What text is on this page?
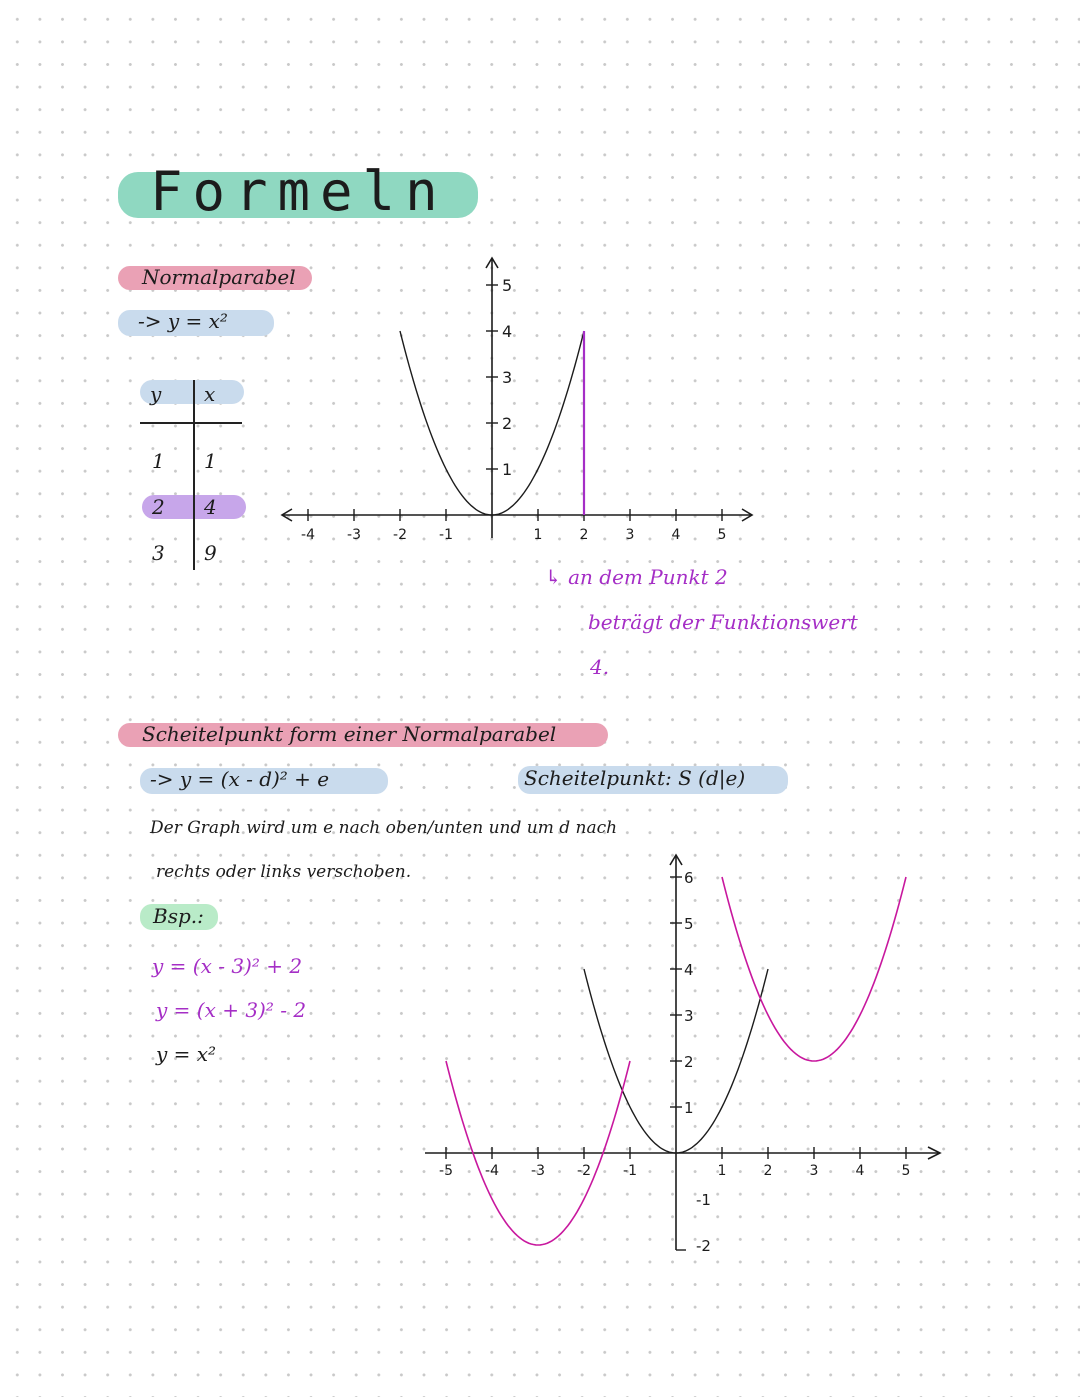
Formeln
Normalparabel
-> y = x²
y x
1 1
2 4
3 9
-4 -3 -2 -1	1	2	3	4	5
1
2
3
4
5
↳ an dem Punkt 2
beträgt der Funktionswert
4.
Scheitelpunkt form einer Normalparabel
-> y = (x - d)² + e	Scheitelpunkt: S (d|e)
Der Graph wird um e nach oben/unten und um d nach
rechts oder links verschoben.
Bsp.:
y = (x - 3)² + 2
y = (x + 3)² - 2
y = x²
-5 -4 -3 -2 -1	1	2	3	4	5
1
2
3
4
5
6
-1
-2
